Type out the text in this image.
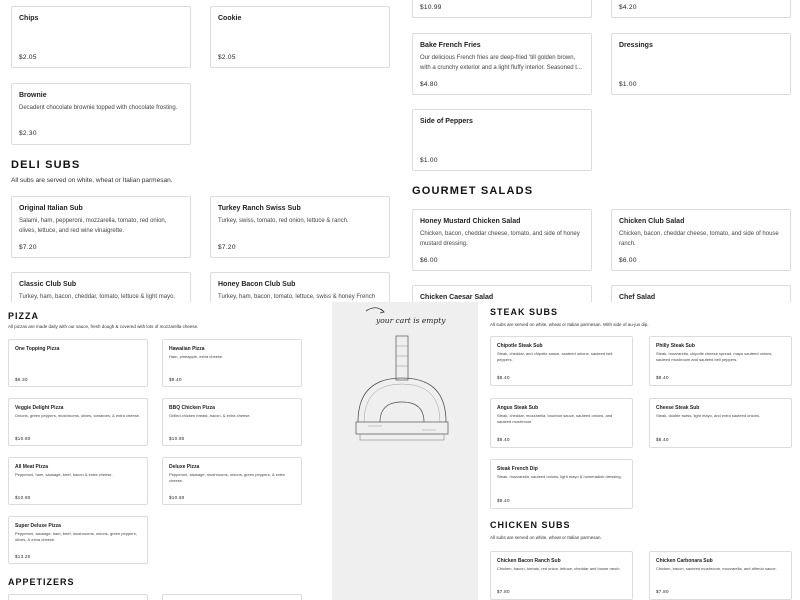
Chips
$2.05
Cookie
$2.05
Brownie
Decadent chocolate brownie topped with chocolate frosting.
$2.30
$10.99	$4.20
Bake French Fries
Our delicious French fries are deep-fried 'till golden brown, with a crunchy exterior and a light fluffy interior. Seasoned t...
$4.80
Dressings
$1.00
Side of Peppers
$1.00
DELI SUBS
All subs are served on white, wheat or Italian parmesan.
Original Italian Sub
Salami, ham, pepperoni, mozzarella, tomato, red onion, olives, lettuce, and red wine vinaigrette.
$7.20
Turkey Ranch Swiss Sub
Turkey, swiss, tomato, red onion, lettuce & ranch.
$7.20
Classic Club Sub
Turkey, ham, bacon, cheddar, tomato, lettuce & light mayo.
Honey Bacon Club Sub
Turkey, ham, bacon, tomato, lettuce, swiss & honey French
GOURMET SALADS
Honey Mustard Chicken Salad
Chicken, bacon, cheddar cheese, tomato, and side of honey mustard dressing.
$6.00
Chicken Club Salad
Chicken, bacon, cheddar cheese, tomato, and side of house ranch.
$6.00
Chicken Caesar Salad	Chef Salad
PIZZA
All pizzas are made daily with our sauce, fresh dough & covered with lots of mozzarella cheese.
One Topping Pizza
$6.30
Hawaiian Pizza
Ham, pineapple, extra cheese.
$9.40
Veggie Delight Pizza
Onions, green peppers, mushrooms, olives, tomatoes, & extra cheese.
$10.80
BBQ Chicken Pizza
Grilled chicken breast, bacon, & extra cheese.
$10.80
All Meat Pizza
Pepperoni, ham, sausage, beef, bacon & extra cheese.
$10.80
Deluxe Pizza
Pepperoni, sausage, mushrooms, onions, green peppers, & extra cheese.
$10.80
Super Deluxe Pizza
Pepperoni, sausage, ham, beef, mushrooms, onions, green peppers, olives, & extra cheese.
$13.20
APPETIZERS
your cart is empty
STEAK SUBS
All subs are served on white, wheat or Italian parmesan. With side of au-jus dip.
Chipotle Steak Sub
Steak, cheddar, and chipotle sauce, sauteed onions, sauteed bell peppers.
$8.40
Philly Steak Sub
Steak, mozzarella, chipotle cheese spread, mayo sauteed onions, sauteed mushroom and sauteed bell peppers.
$8.40
Angus Steak Sub
Steak, cheddar, mozzarella, bourbon sauce, sauteed onions, and sauteed mushroom.
$8.40
Cheese Steak Sub
Steak, double swiss, light mayo, and extra sauteed onions.
$8.40
Steak French Dip
Steak, mozzarella, sauteed onions, light mayo & horseradish dressing.
$8.40
CHICKEN SUBS
All subs are served on white, wheat or Italian parmesan.
Chicken Bacon Ranch Sub
Chicken, bacon, tomato, red onion, lettuce, cheddar and house ranch.
$7.80
Chicken Carbonara Sub
Chicken, bacon, sauteed mushroom, mozzarella, and alfredo sauce.
$7.80
